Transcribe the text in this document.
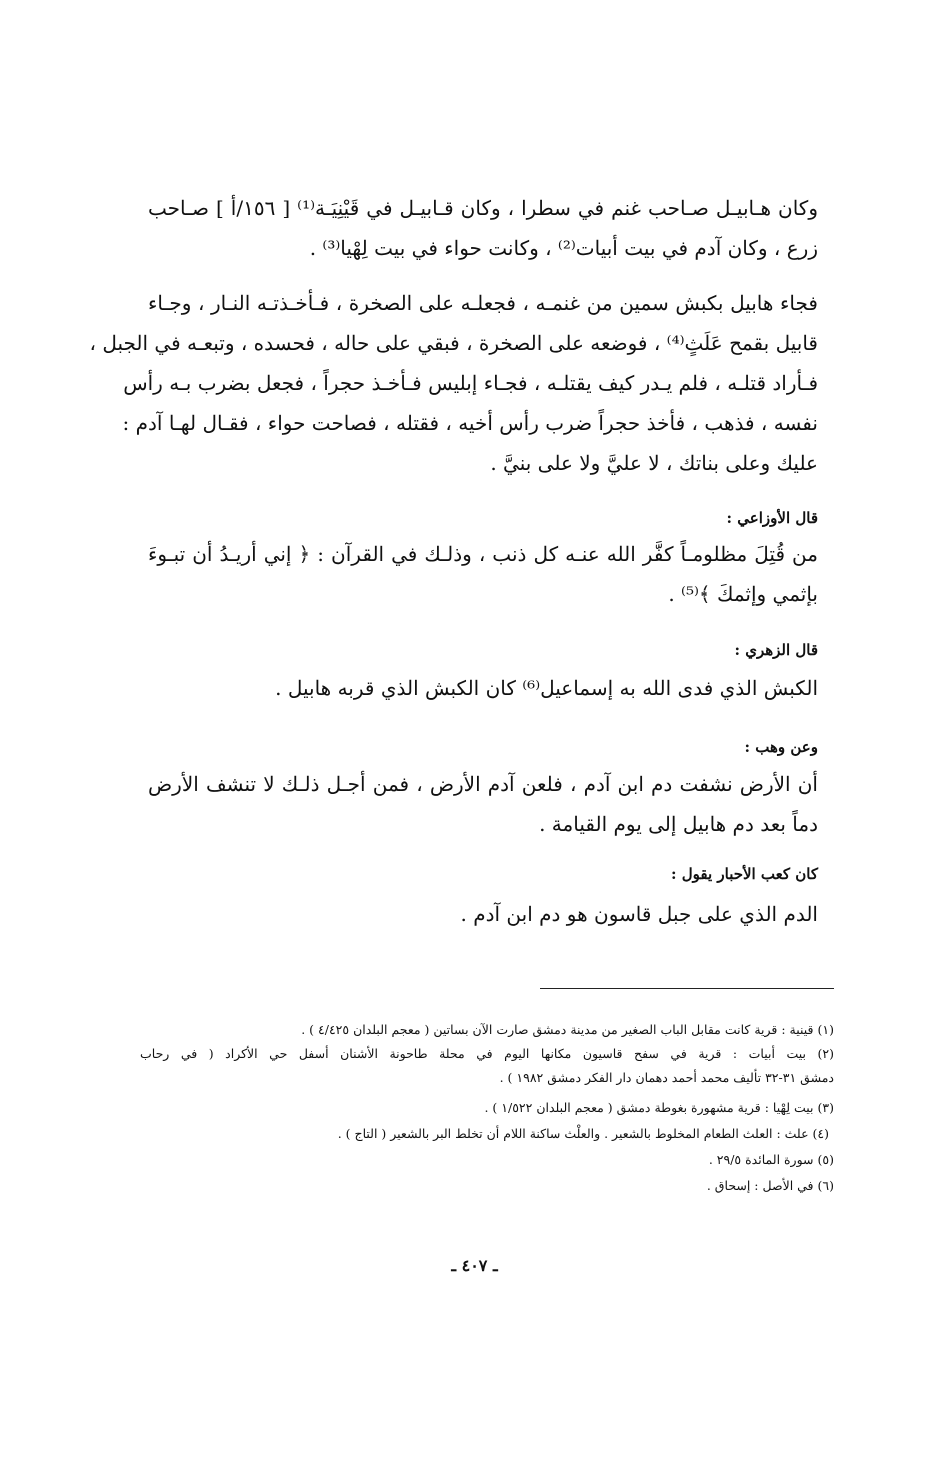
وكان هـابيـل صـاحب غنم في سطرا ، وكان قـابيـل في قَيْنِيَـة⁽¹⁾ [ ١٥٦/أ ] صـاحب
زرع ، وكان آدم في بيت أبيات⁽²⁾ ، وكانت حواء في بيت لِهْيا⁽³⁾ .
فجاء هابيل بكبش سمين من غنمـه ، فجعلـه على الصخرة ، فـأخـذتـه النـار ، وجـاء
قابيل بقمح عَلَثٍ⁽⁴⁾ ، فوضعه على الصخرة ، فبقي على حاله ، فحسده ، وتبعـه في الجبل ،
فـأراد قتلـه ، فلم يـدر كيف يقتلـه ، فجـاء إبليس فـأخـذ حجراً ، فجعل بضرب بـه رأس
نفسه ، فذهب ، فأخذ حجراً ضرب رأس أخيه ، فقتله ، فصاحت حواء ، فقـال لهـا آدم :
عليك وعلى بناتك ، لا عليَّ ولا على بنيَّ .
قال الأوزاعي :
من قُتِلَ مظلومـاً كفَّر الله عنـه كل ذنب ، وذلـك في القرآن : ﴿ إني أريـدُ أن تبـوءَ
بإثمي وإثمكَ ﴾⁽⁵⁾ .
قال الزهري :
الكبش الذي فدى الله به إسماعيل⁽⁶⁾ كان الكبش الذي قربه هابيل .
وعن وهب :
أن الأرض نشفت دم ابن آدم ، فلعن آدم الأرض ، فمن أجـل ذلـك لا تنشف الأرض
دماً بعد دم هابيل إلى يوم القيامة .
كان كعب الأحبار يقول :
الدم الذي على جبل قاسون هو دم ابن آدم .
(١) قينية : قرية كانت مقابل الباب الصغير من مدينة دمشق صارت الآن بساتين ( معجم البلدان ٤/٤٢٥ ) .
(٢) بيت أبيات : قرية في سفح قاسيون مكانها اليوم في محلة طاحونة الأشنان أسفل حي الأكراد ( في رحاب
دمشق ٣١-٣٢ تأليف محمد أحمد دهمان دار الفكر دمشق ١٩٨٢ ) .
(٣) بيت لِهْيا : قرية مشهورة بغوطة دمشق ( معجم البلدان ١/٥٢٢ ) .
(٤) علث : العلث الطعام المخلوط بالشعير . والعلْث ساكنة اللام أن تخلط البر بالشعير ( التاج ) .
(٥) سورة المائدة ٢٩/٥ .
(٦) في الأصل : إسحاق .
ـ ٤٠٧ ـ
